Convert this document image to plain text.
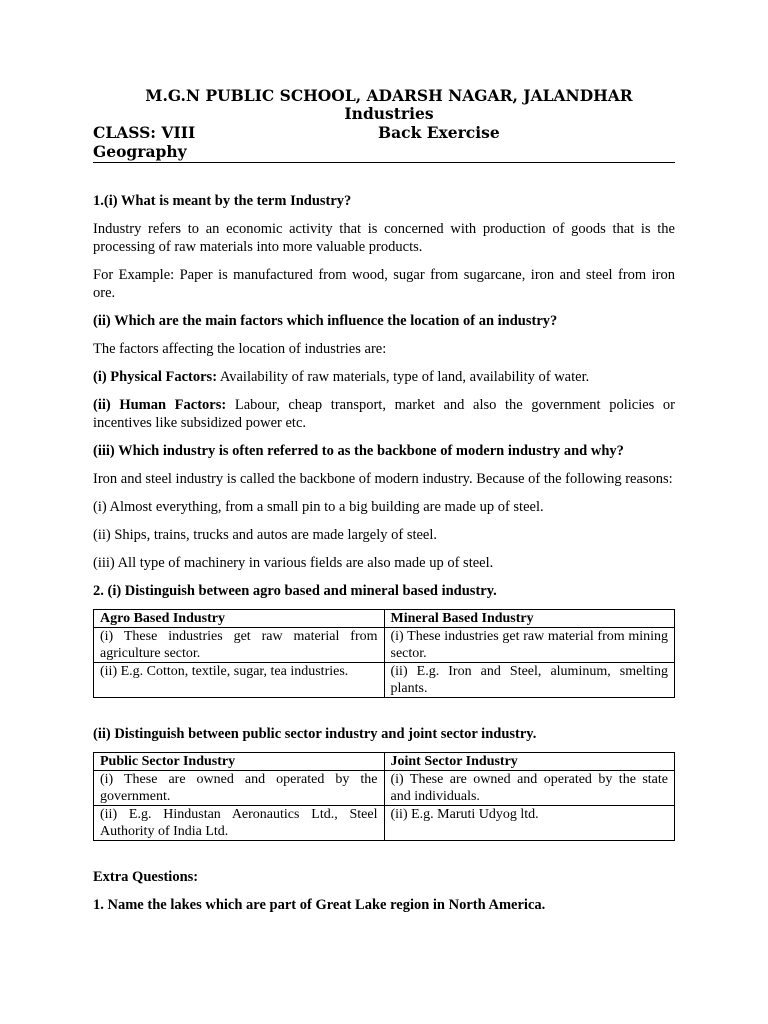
M.G.N PUBLIC SCHOOL, ADARSH NAGAR, JALANDHAR
Industries
CLASS: VIII	Back Exercise
Geography

1.(i) What is meant by the term Industry?

Industry refers to an economic activity that is concerned with production of goods that is the processing of raw materials into more valuable products.

For Example: Paper is manufactured from wood, sugar from sugarcane, iron and steel from iron ore.

(ii) Which are the main factors which influence the location of an industry?

The factors affecting the location of industries are:

(i) Physical Factors: Availability of raw materials, type of land, availability of water.

(ii) Human Factors: Labour, cheap transport, market and also the government policies or incentives like subsidized power etc.

(iii) Which industry is often referred to as the backbone of modern industry and why?

Iron and steel industry is called the backbone of modern industry. Because of the following reasons:

(i) Almost everything, from a small pin to a big building are made up of steel.

(ii) Ships, trains, trucks and autos are made largely of steel.

(iii) All type of machinery in various fields are also made up of steel.

2. (i) Distinguish between agro based and mineral based industry.

Agro Based Industry	Mineral Based Industry
(i) These industries get raw material from agriculture sector.	(i) These industries get raw material from mining sector.
(ii) E.g. Cotton, textile, sugar, tea industries.	(ii) E.g. Iron and Steel, aluminum, smelting plants.

(ii) Distinguish between public sector industry and joint sector industry.

Public Sector Industry	Joint Sector Industry
(i) These are owned and operated by the government.	(i) These are owned and operated by the state and individuals.
(ii) E.g. Hindustan Aeronautics Ltd., Steel Authority of India Ltd.	(ii) E.g. Maruti Udyog ltd.

Extra Questions:

1. Name the lakes which are part of Great Lake region in North America.
